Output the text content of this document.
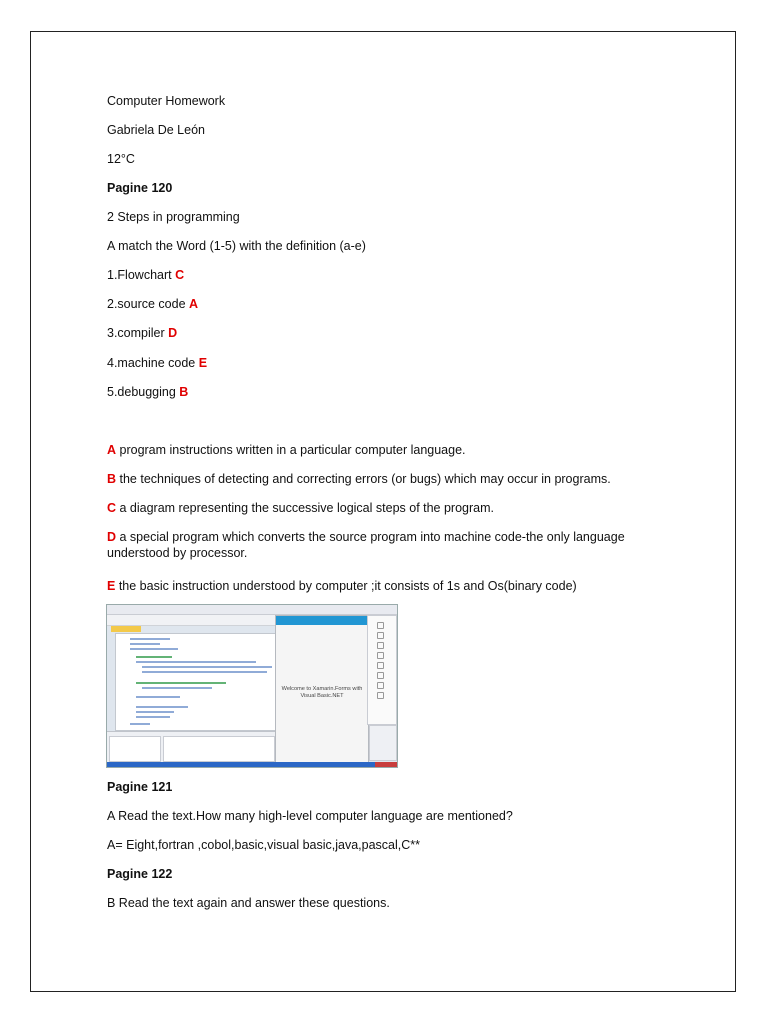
Computer Homework
Gabriela De León
12°C
Pagine 120
2 Steps in programming
A match the Word (1-5) with the definition (a-e)
1.Flowchart C
2.source code A
3.compiler D
4.machine code E
5.debugging B
A program instructions written in a particular computer language.
B the techniques of detecting and correcting errors (or bugs) which may occur in programs.
C a diagram representing the successive logical steps of the program.
D a special program which converts the source program into machine code-the only language understood by processor.
E the basic instruction understood by computer ;it consists of 1s and Os(binary code)
Welcome to Xamarin.Forms with Visual Basic.NET
Pagine 121
A Read the text.How many high-level computer language are mentioned?
A= Eight,fortran ,cobol,basic,visual basic,java,pascal,C**
Pagine 122
B Read the text again and answer these questions.
